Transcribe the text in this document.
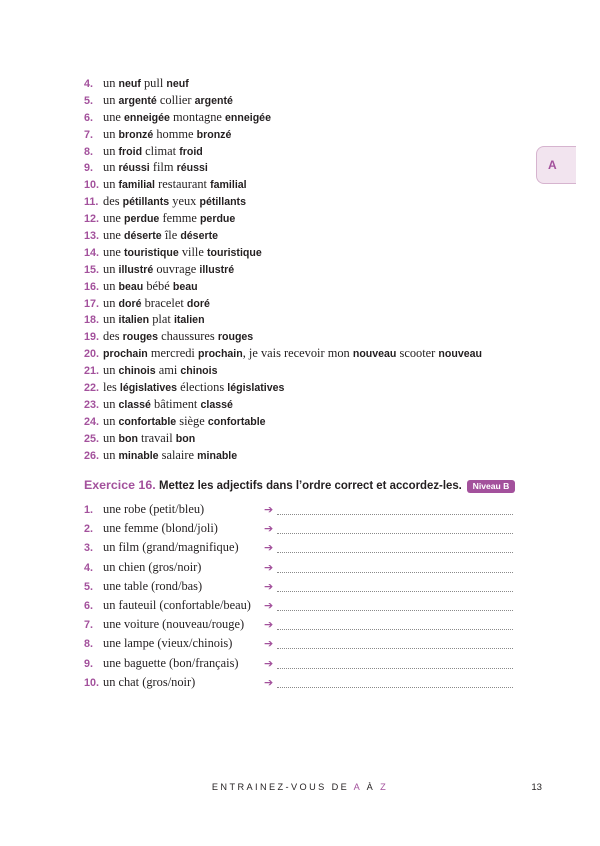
A
4. un neuf pull neuf
5. un argenté collier argenté
6. une enneigée montagne enneigée
7. un bronzé homme bronzé
8. un froid climat froid
9. un réussi film réussi
10. un familial restaurant familial
11. des pétillants yeux pétillants
12. une perdue femme perdue
13. une déserte île déserte
14. une touristique ville touristique
15. un illustré ouvrage illustré
16. un beau bébé beau
17. un doré bracelet doré
18. un italien plat italien
19. des rouges chaussures rouges
20. prochain mercredi prochain, je vais recevoir mon nouveau scooter nouveau
21. un chinois ami chinois
22. les législatives élections législatives
23. un classé bâtiment classé
24. un confortable siège confortable
25. un bon travail bon
26. un minable salaire minable
Exercice 16. Mettez les adjectifs dans l’ordre correct et accordez-les.	Niveau B
1. une robe (petit/bleu)	➔
2. une femme (blond/joli)	➔
3. un film (grand/magnifique) ➔
4. un chien (gros/noir)	➔
5. une table (rond/bas)	➔
6. un fauteuil (confortable/beau) ➔
7. une voiture (nouveau/rouge) ➔
8. une lampe (vieux/chinois)	➔
9. une baguette (bon/français) ➔
10. un chat (gros/noir)	➔
ENTRAINEZ-VOUS DE A À Z	13
